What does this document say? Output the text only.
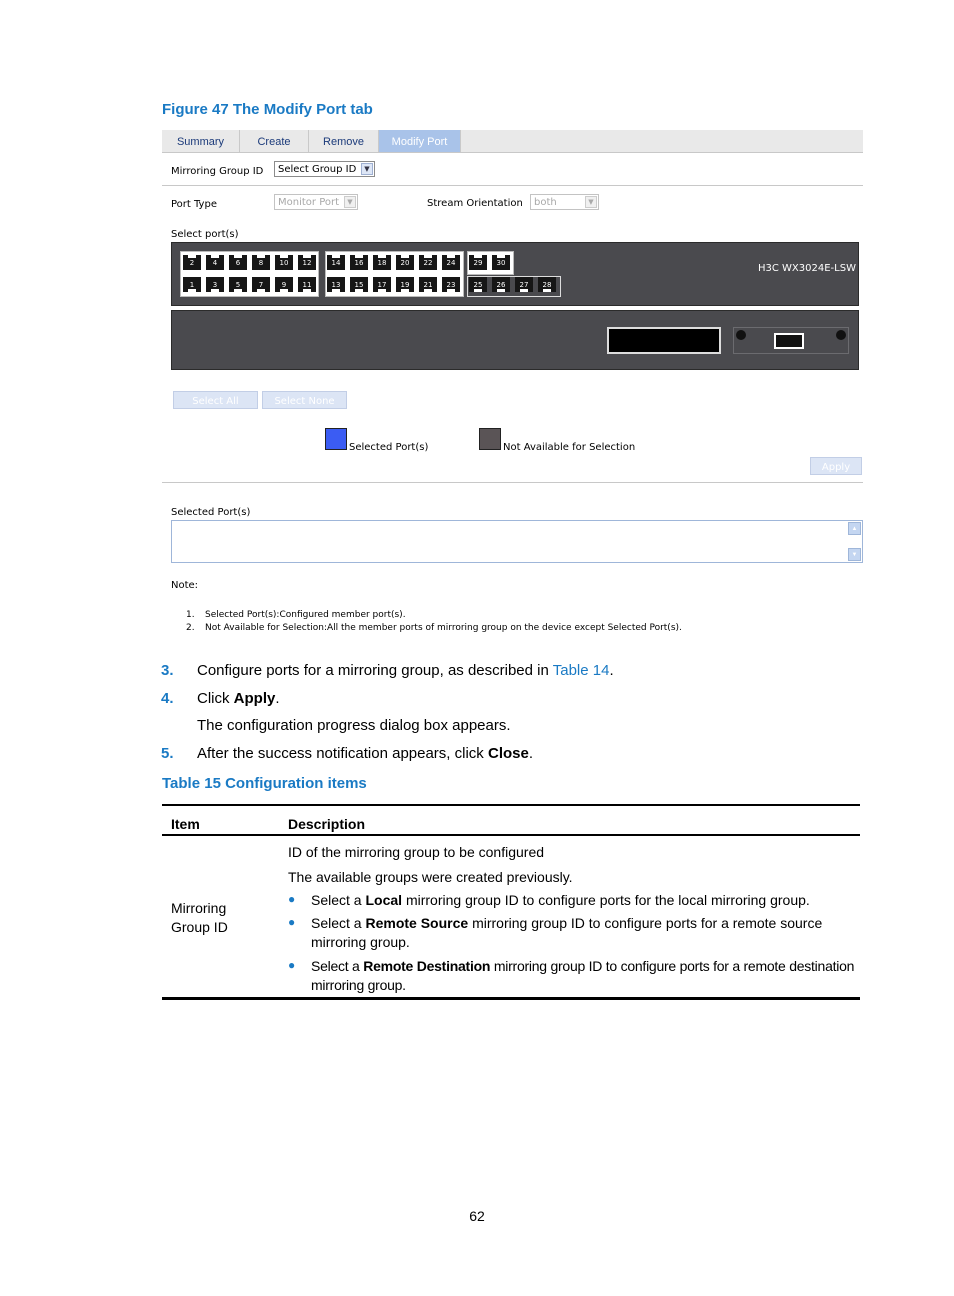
Figure 47 The Modify Port tab
Summary	Create	Remove	Modify Port
Mirroring Group ID	Select Group ID	▼
Port Type	Monitor Port	▼	Stream Orientation	both	▼
Select port(s)
2	4	6	8	10	12	14	16	18	20	22	24	29	30
1	3	5	7	9	11	13	15	17	19	21	23	25	26	27	28
H3C WX3024E-LSW
Select All	Select None
Selected Port(s)	Not Available for Selection
Apply
Selected Port(s)
▲
▼
Note:
1. Selected Port(s):Configured member port(s).
2. Not Available for Selection:All the member ports of mirroring group on the device except Selected Port(s).
3. Configure ports for a mirroring group, as described in Table 14.
4. Click Apply.
The configuration progress dialog box appears.
5. After the success notification appears, click Close.
Table 15 Configuration items
Item	Description
Mirroring
Group ID
ID of the mirroring group to be configured
The available groups were created previously.
● Select a Local mirroring group ID to configure ports for the local mirroring group.
● Select a Remote Source mirroring group ID to configure ports for a remote source
mirroring group.
● Select a Remote Destination mirroring group ID to configure ports for a remote destination
mirroring group.
62
